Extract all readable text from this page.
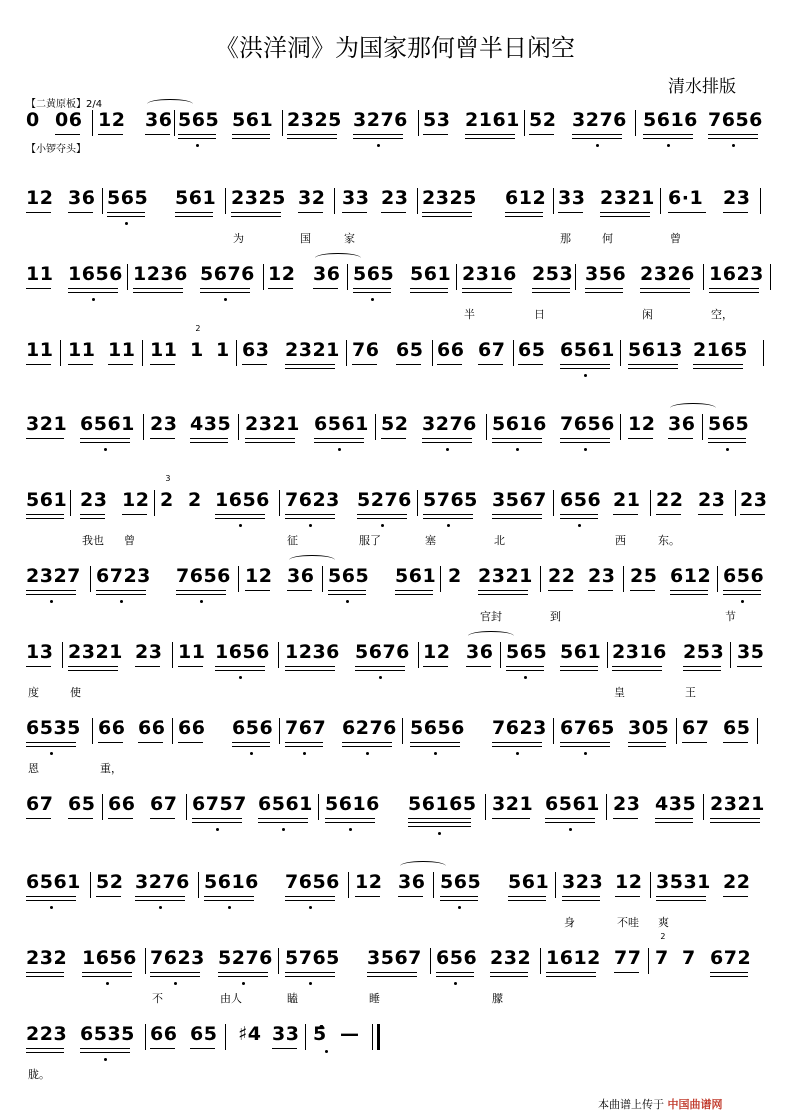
《洪洋洞》为国家那何曾半日闲空
清水排版
【二黄原板】2/4
【小锣夺头】
0 06 12 36 565 561 2325 3276 53 2161 52 3276 5616 7656
12 36 565 561 2325
为
32
国
33
家
23 2325 612 33
那
2321
何
6·1
曾
23
11 1656 1236 5676 12 36 565 561 2316
半
253
日
356 2326
闲
1623
空，
11 11 11 11 1
2
1 63 2321 76 65 66 67 65 6561 5613 2165
321 6561 23 435 2321 6561 52 3276 5616 7656 12 36 565
561 23
我也
12
曾
2
3
2 1656 7623
征
5276
服了
5765
塞
3567
北
656 21
西
22
东。
23 23
2327 6723 7656 12 36 565 561 2 2321
官封
22
到
23 25 612 656
节
13
度
2321
使
23 11 1656 1236 5676 12 36 565 561 2316
皇
253
王
35
6535
恩
66
重，
66 66 656 767 6276 5656 7623 6765 305 67 65
67 65 66 67 6757 6561 5616 56165 321 6561 23 435 2321
6561 52 3276 5616 7656 12 36 565 561 323
身
12
不哇
3531
爽
22
232 1656 7623
不
5276
由人
5765
瞌
3567
睡
656 232
朦
1612 77 7
2
7 672
223
胧。
6535 66 65 ♯4 33 5̂ —
本曲谱上传于 中国曲谱网
